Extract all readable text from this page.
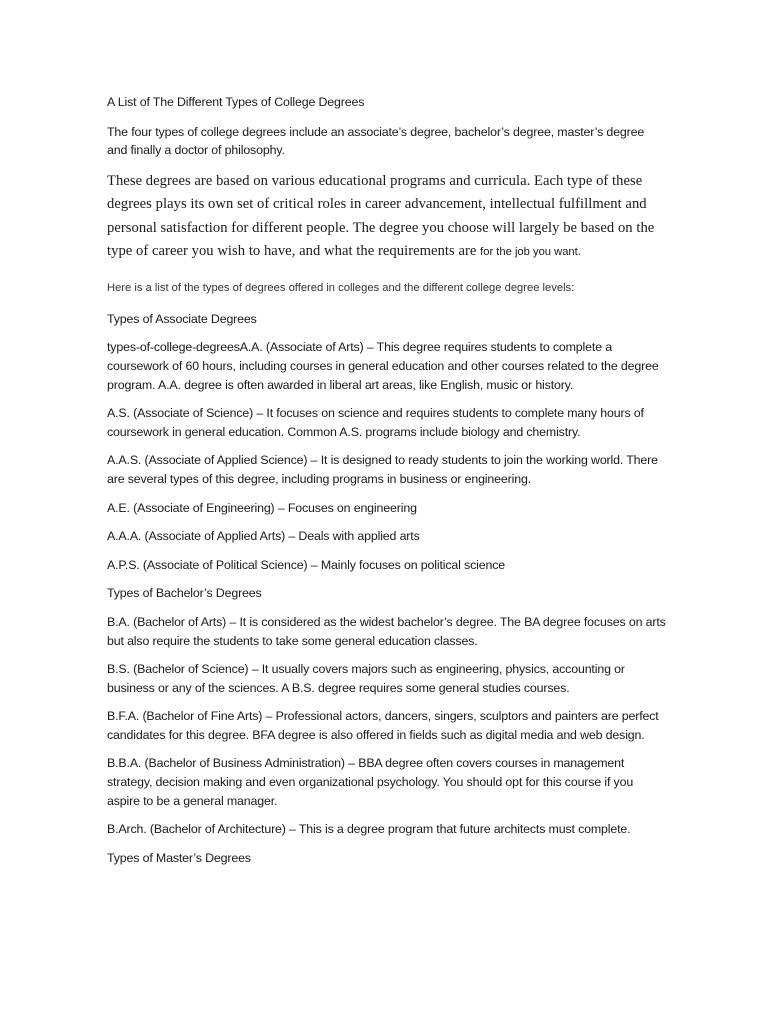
A List of The Different Types of College Degrees

The four types of college degrees include an associate’s degree, bachelor’s degree, master’s degree and finally a doctor of philosophy.

These degrees are based on various educational programs and curricula. Each type of these degrees plays its own set of critical roles in career advancement, intellectual fulfillment and personal satisfaction for different people. The degree you choose will largely be based on the type of career you wish to have, and what the requirements are for the job you want.

Here is a list of the types of degrees offered in colleges and the different college degree levels:

Types of Associate Degrees

types-of-college-degreesA.A. (Associate of Arts) – This degree requires students to complete a coursework of 60 hours, including courses in general education and other courses related to the degree program. A.A. degree is often awarded in liberal art areas, like English, music or history.

A.S. (Associate of Science) – It focuses on science and requires students to complete many hours of coursework in general education. Common A.S. programs include biology and chemistry.

A.A.S. (Associate of Applied Science) – It is designed to ready students to join the working world. There are several types of this degree, including programs in business or engineering.

A.E. (Associate of Engineering) – Focuses on engineering

A.A.A. (Associate of Applied Arts) – Deals with applied arts

A.P.S. (Associate of Political Science) – Mainly focuses on political science

Types of Bachelor’s Degrees

B.A. (Bachelor of Arts) – It is considered as the widest bachelor’s degree. The BA degree focuses on arts but also require the students to take some general education classes.

B.S. (Bachelor of Science) – It usually covers majors such as engineering, physics, accounting or business or any of the sciences. A B.S. degree requires some general studies courses.

B.F.A. (Bachelor of Fine Arts) – Professional actors, dancers, singers, sculptors and painters are perfect candidates for this degree. BFA degree is also offered in fields such as digital media and web design.

B.B.A. (Bachelor of Business Administration) – BBA degree often covers courses in management strategy, decision making and even organizational psychology. You should opt for this course if you aspire to be a general manager.

B.Arch. (Bachelor of Architecture) – This is a degree program that future architects must complete.

Types of Master’s Degrees
